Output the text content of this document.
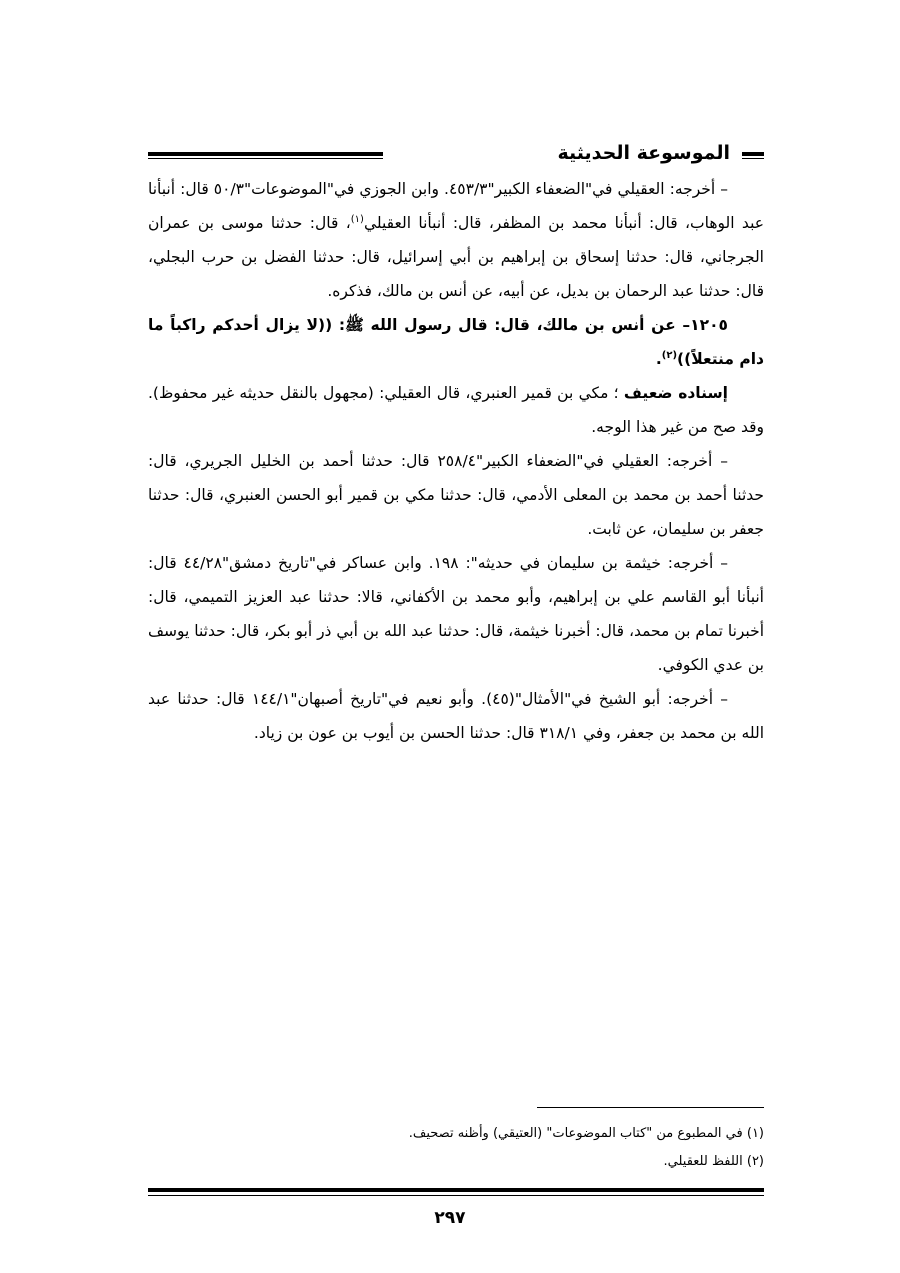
الموسوعة الحديثية

– أخرجه: العقيلي في"الضعفاء الكبير"٤٥٣/٣. وابن الجوزي في"الموضوعات"٥٠/٣ قال: أنبأنا عبد الوهاب، قال: أنبأنا محمد بن المظفر، قال: أنبأنا العقيلي$^{(١)}$، قال: حدثنا موسى بن عمران الجرجاني، قال: حدثنا إسحاق بن إبراهيم بن أبي إسرائيل، قال: حدثنا الفضل بن حرب البجلي، قال: حدثنا عبد الرحمان بن بديل، عن أبيه، عن أنس بن مالك، فذكره.

١٢٠٥– عن أنس بن مالك، قال: قال رسول الله ﷺ: ((لا يزال أحدكم راكباً ما دام منتعلاً))$^{(٢)}$.

إسناده ضعيف ؛ مكي بن قمير العنبري، قال العقيلي: (مجهول بالنقل حديثه غير محفوظ). وقد صح من غير هذا الوجه.

– أخرجه: العقيلي في"الضعفاء الكبير"٢٥٨/٤ قال: حدثنا أحمد بن الخليل الجريري، قال: حدثنا أحمد بن محمد بن المعلى الأدمي، قال: حدثنا مكي بن قمير أبو الحسن العنبري، قال: حدثنا جعفر بن سليمان، عن ثابت.

– أخرجه: خيثمة بن سليمان في حديثه": ١٩٨. وابن عساكر في"تاريخ دمشق"٤٤/٢٨ قال: أنبأنا أبو القاسم علي بن إبراهيم، وأبو محمد بن الأكفاني، قالا: حدثنا عبد العزيز التميمي، قال: أخبرنا تمام بن محمد، قال: أخبرنا خيثمة، قال: حدثنا عبد الله بن أبي ذر أبو بكر، قال: حدثنا يوسف بن عدي الكوفي.

– أخرجه: أبو الشيخ في"الأمثال"(٤٥). وأبو نعيم في"تاريخ أصبهان"١٤٤/١ قال: حدثنا عبد الله بن محمد بن جعفر، وفي ٣١٨/١ قال: حدثنا الحسن بن أيوب بن عون بن زياد.

(١) في المطبوع من "كتاب الموضوعات" (العتيقي) وأظنه تصحيف.

(٢) اللفظ للعقيلي.

٢٩٧
